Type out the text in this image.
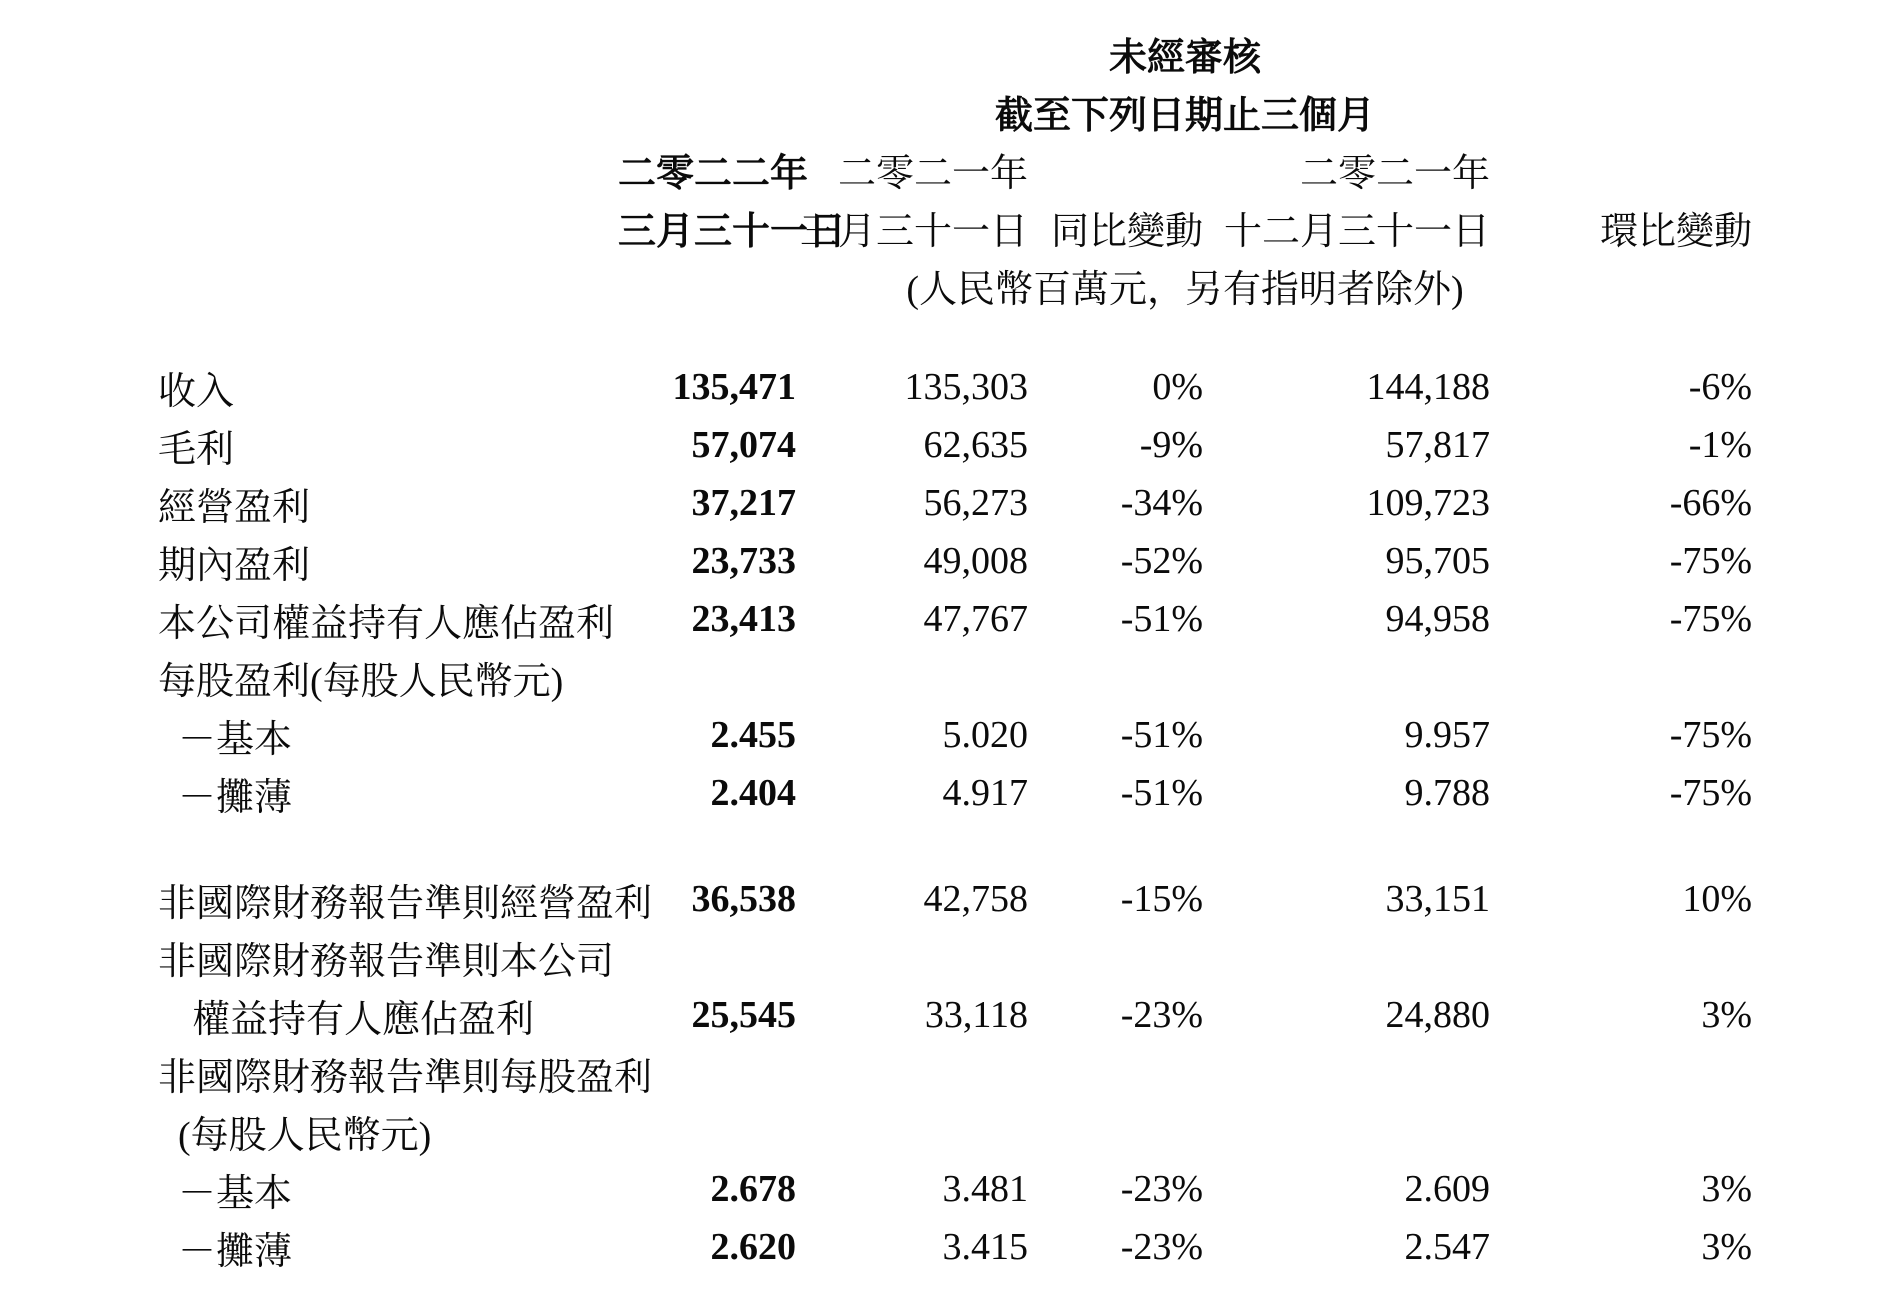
	未經審核				
	截至下列日期止三個月				
	二零二二年	二零二一年		二零二一年	
	三月三十一日	三月三十一日	同比變動	十二月三十一日	環比變動
	(人民幣百萬元，另有指明者除外)				

收入	135,471	135,303	0%	144,188	-6%
毛利	57,074	62,635	-9%	57,817	-1%
經營盈利	37,217	56,273	-34%	109,723	-66%
期內盈利	23,733	49,008	-52%	95,705	-75%
本公司權益持有人應佔盈利	23,413	47,767	-51%	94,958	-75%
每股盈利(每股人民幣元)					
－基本	2.455	5.020	-51%	9.957	-75%
－攤薄	2.404	4.917	-51%	9.788	-75%

非國際財務報告準則經營盈利	36,538	42,758	-15%	33,151	10%
非國際財務報告準則本公司					
權益持有人應佔盈利	25,545	33,118	-23%	24,880	3%
非國際財務報告準則每股盈利					
(每股人民幣元)					
－基本	2.678	3.481	-23%	2.609	3%
－攤薄	2.620	3.415	-23%	2.547	3%
